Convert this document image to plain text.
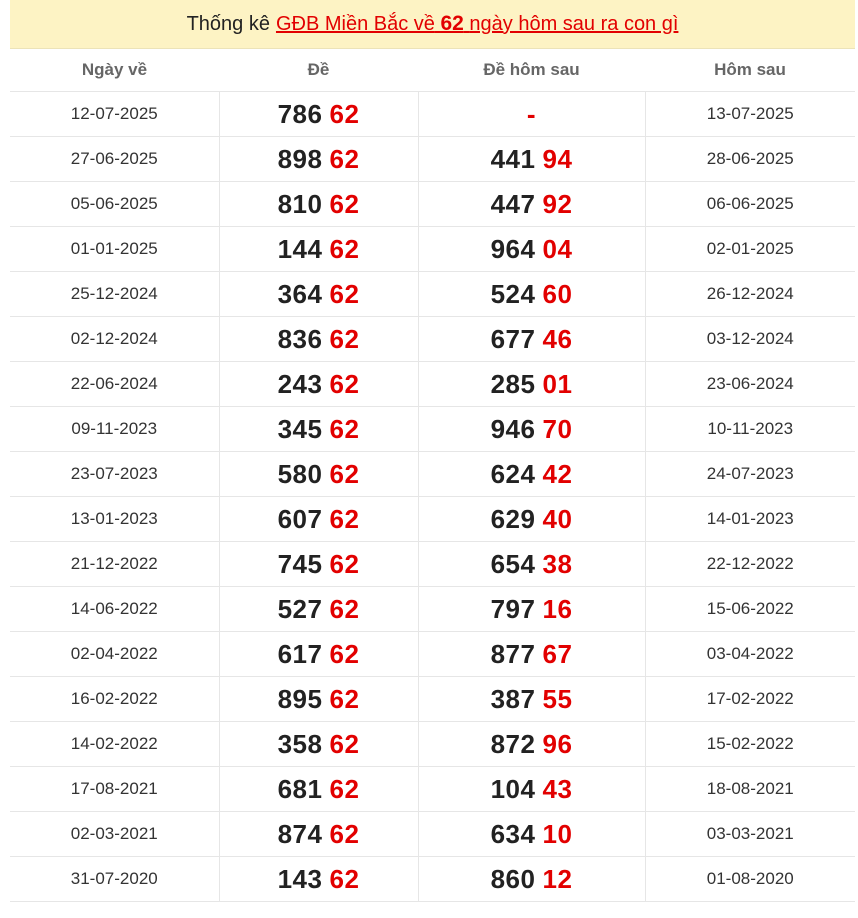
Thống kê GĐB Miền Bắc về 62 ngày hôm sau ra con gì
Ngày về	Đề	Đề hôm sau	Hôm sau
12-07-2025	786 62	-	13-07-2025
27-06-2025	898 62	441 94	28-06-2025
05-06-2025	810 62	447 92	06-06-2025
01-01-2025	144 62	964 04	02-01-2025
25-12-2024	364 62	524 60	26-12-2024
02-12-2024	836 62	677 46	03-12-2024
22-06-2024	243 62	285 01	23-06-2024
09-11-2023	345 62	946 70	10-11-2023
23-07-2023	580 62	624 42	24-07-2023
13-01-2023	607 62	629 40	14-01-2023
21-12-2022	745 62	654 38	22-12-2022
14-06-2022	527 62	797 16	15-06-2022
02-04-2022	617 62	877 67	03-04-2022
16-02-2022	895 62	387 55	17-02-2022
14-02-2022	358 62	872 96	15-02-2022
17-08-2021	681 62	104 43	18-08-2021
02-03-2021	874 62	634 10	03-03-2021
31-07-2020	143 62	860 12	01-08-2020
